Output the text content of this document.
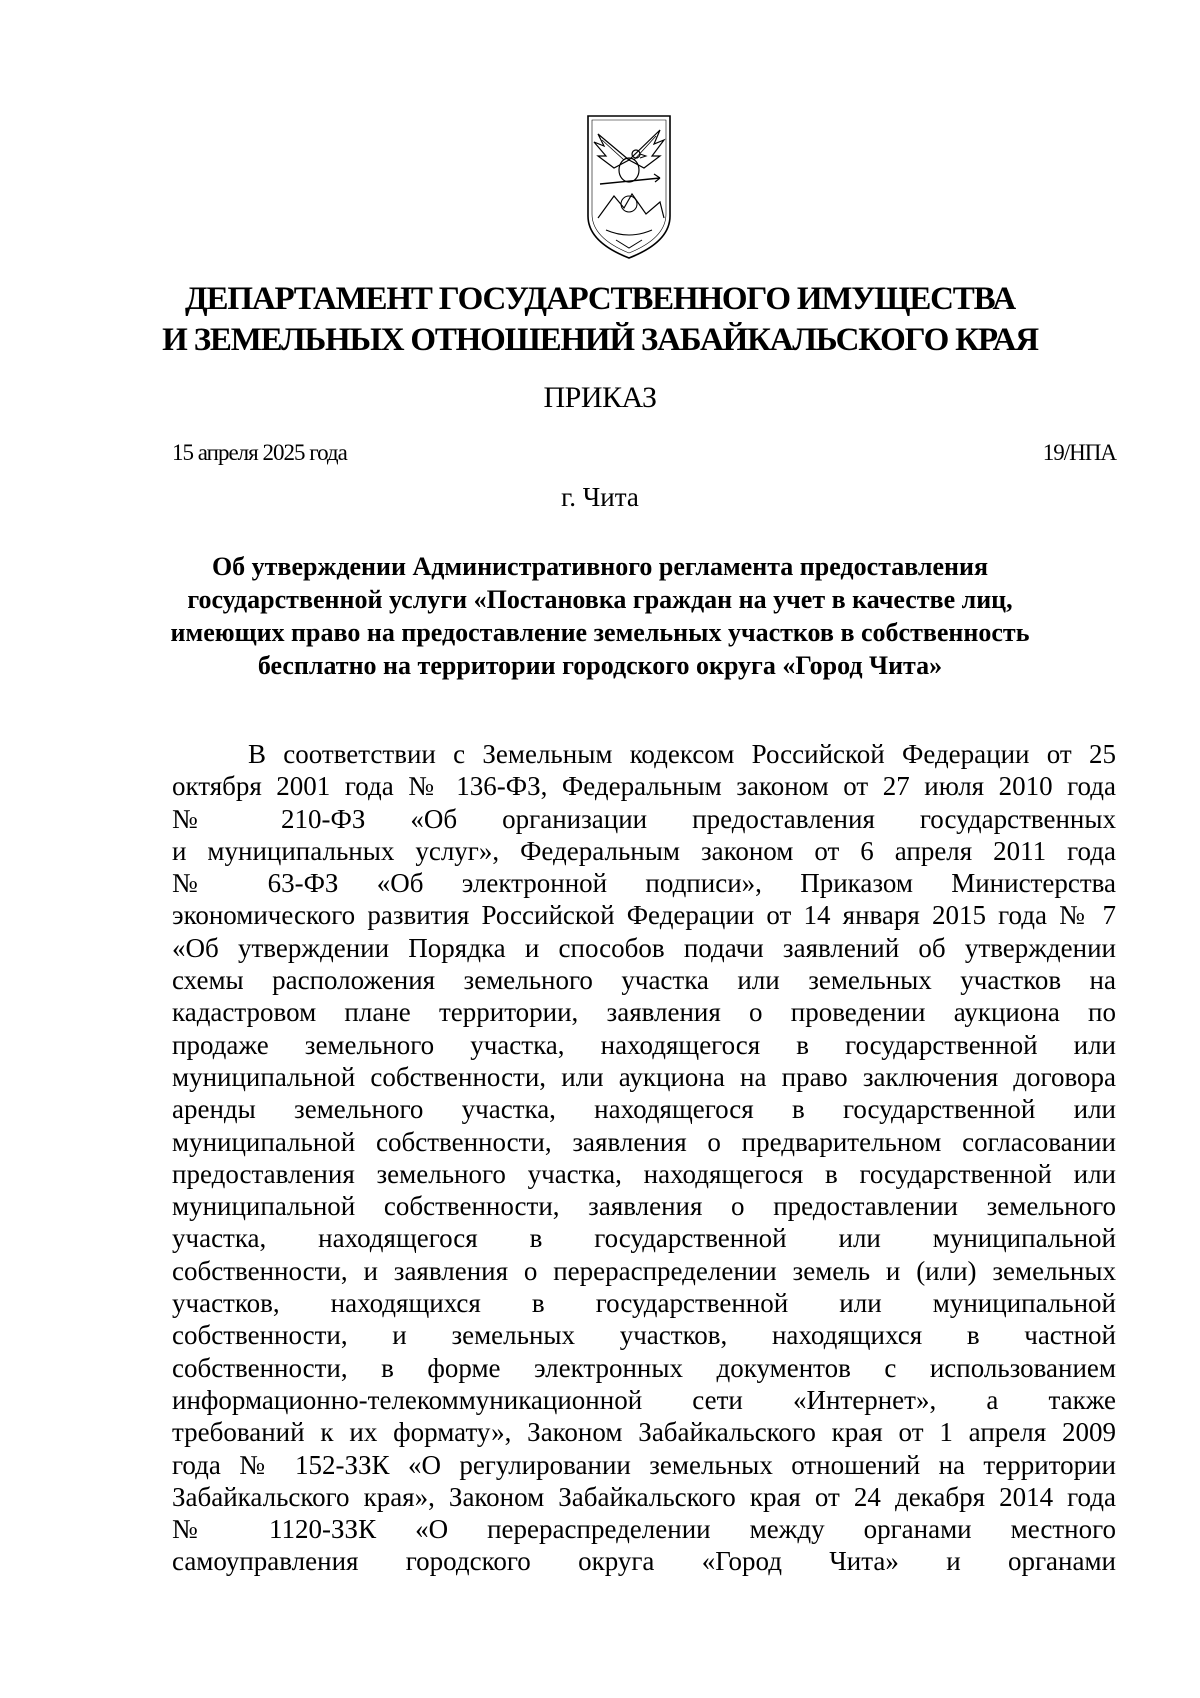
ДЕПАРТАМЕНТ ГОСУДАРСТВЕННОГО ИМУЩЕСТВА
И ЗЕМЕЛЬНЫХ ОТНОШЕНИЙ ЗАБАЙКАЛЬСКОГО КРАЯ
ПРИКАЗ
15 апреля 2025 года	19/НПА
г. Чита
Об утверждении Административного регламента предоставления
государственной услуги «Постановка граждан на учет в качестве лиц,
имеющих право на предоставление земельных участков в собственность
бесплатно на территории городского округа «Город Чита»
В соответствии с Земельным кодексом Российской Федерации от 25
октября 2001 года № 136-ФЗ, Федеральным законом от 27 июля 2010 года
№ 210-ФЗ «Об организации предоставления государственных
и муниципальных услуг», Федеральным законом от 6 апреля 2011 года
№ 63-ФЗ «Об электронной подписи», Приказом Министерства
экономического развития Российской Федерации от 14 января 2015 года № 7
«Об утверждении Порядка и способов подачи заявлений об утверждении
схемы расположения земельного участка или земельных участков на
кадастровом плане территории, заявления о проведении аукциона по
продаже земельного участка, находящегося в государственной или
муниципальной собственности, или аукциона на право заключения договора
аренды земельного участка, находящегося в государственной или
муниципальной собственности, заявления о предварительном согласовании
предоставления земельного участка, находящегося в государственной или
муниципальной собственности, заявления о предоставлении земельного
участка, находящегося в государственной или муниципальной
собственности, и заявления о перераспределении земель и (или) земельных
участков, находящихся в государственной или муниципальной
собственности, и земельных участков, находящихся в частной
собственности, в форме электронных документов с использованием
информационно-телекоммуникационной сети «Интернет», а также
требований к их формату», Законом Забайкальского края от 1 апреля 2009
года № 152-ЗЗК «О регулировании земельных отношений на территории
Забайкальского края», Законом Забайкальского края от 24 декабря 2014 года
№ 1120-ЗЗК «О перераспределении между органами местного
самоуправления городского округа «Город Чита» и органами
